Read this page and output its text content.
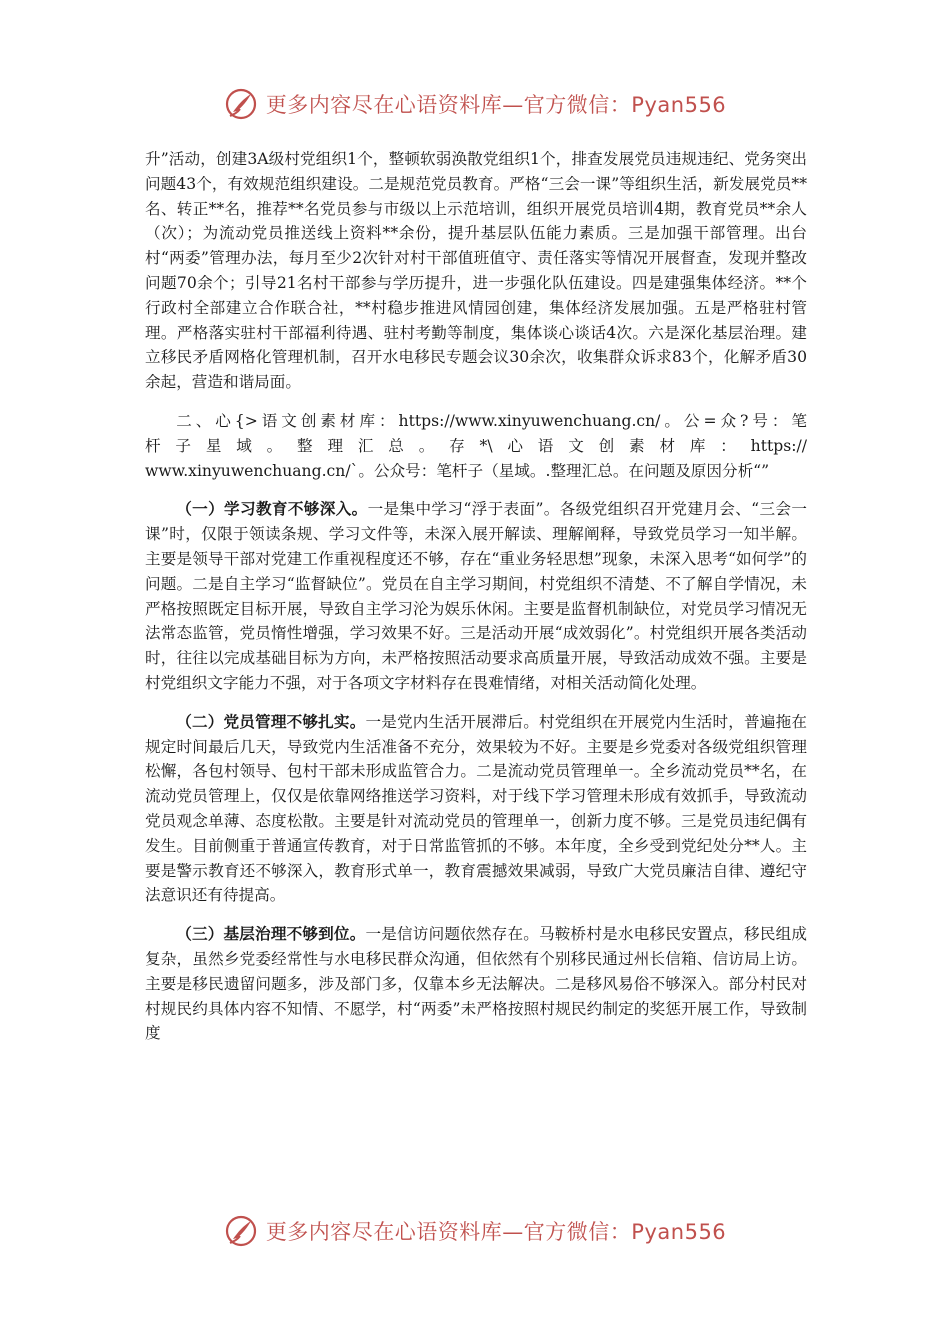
更多内容尽在心语资料库—官方微信：Pyan556

升”活动，创建3A级村党组织1个，整顿软弱涣散党组织1个，排查发展党员违规违纪、党务突出问题43个，有效规范组织建设。二是规范党员教育。严格“三会一课”等组织生活，新发展党员**名、转正**名，推荐**名党员参与市级以上示范培训，组织开展党员培训4期，教育党员**余人（次）；为流动党员推送线上资料**余份，提升基层队伍能力素质。三是加强干部管理。出台村“两委”管理办法，每月至少2次针对村干部值班值守、责任落实等情况开展督查，发现并整改问题70余个；引导21名村干部参与学历提升，进一步强化队伍建设。四是建强集体经济。**个行政村全部建立合作联合社，**村稳步推进风情园创建，集体经济发展加强。五是严格驻村管理。严格落实驻村干部福利待遇、驻村考勤等制度，集体谈心谈话4次。六是深化基层治理。建立移民矛盾网格化管理机制，召开水电移民专题会议30余次，收集群众诉求83个，化解矛盾30余起，营造和谐局面。

二、心{>语文创素材库：https://www.xinyuwenchuang.cn/。公=众?号：笔
杆子星域。整理汇总。存*\心语文创素材库：https://
www.xinyuwenchuang.cn/`。公众号：笔杆子（星域。.整理汇总。在问题及原因分析“”

（一）学习教育不够深入。一是集中学习“浮于表面”。各级党组织召开党建月会、“三会一课”时，仅限于领读条规、学习文件等，未深入展开解读、理解阐释，导致党员学习一知半解。主要是领导干部对党建工作重视程度还不够，存在“重业务轻思想”现象，未深入思考“如何学”的问题。二是自主学习“监督缺位”。党员在自主学习期间，村党组织不清楚、不了解自学情况，未严格按照既定目标开展，导致自主学习沦为娱乐休闲。主要是监督机制缺位，对党员学习情况无法常态监管，党员惰性增强，学习效果不好。三是活动开展“成效弱化”。村党组织开展各类活动时，往往以完成基础目标为方向，未严格按照活动要求高质量开展，导致活动成效不强。主要是村党组织文字能力不强，对于各项文字材料存在畏难情绪，对相关活动简化处理。

（二）党员管理不够扎实。一是党内生活开展滞后。村党组织在开展党内生活时，普遍拖在规定时间最后几天，导致党内生活准备不充分，效果较为不好。主要是乡党委对各级党组织管理松懈，各包村领导、包村干部未形成监管合力。二是流动党员管理单一。全乡流动党员**名，在流动党员管理上，仅仅是依靠网络推送学习资料，对于线下学习管理未形成有效抓手，导致流动党员观念单薄、态度松散。主要是针对流动党员的管理单一，创新力度不够。三是党员违纪偶有发生。目前侧重于普通宣传教育，对于日常监管抓的不够。本年度，全乡受到党纪处分**人。主要是警示教育还不够深入，教育形式单一，教育震撼效果减弱，导致广大党员廉洁自律、遵纪守法意识还有待提高。

（三）基层治理不够到位。一是信访问题依然存在。马鞍桥村是水电移民安置点，移民组成复杂，虽然乡党委经常性与水电移民群众沟通，但依然有个别移民通过州长信箱、信访局上访。主要是移民遗留问题多，涉及部门多，仅靠本乡无法解决。二是移风易俗不够深入。部分村民对村规民约具体内容不知情、不愿学，村“两委”未严格按照村规民约制定的奖惩开展工作，导致制度

更多内容尽在心语资料库—官方微信：Pyan556
